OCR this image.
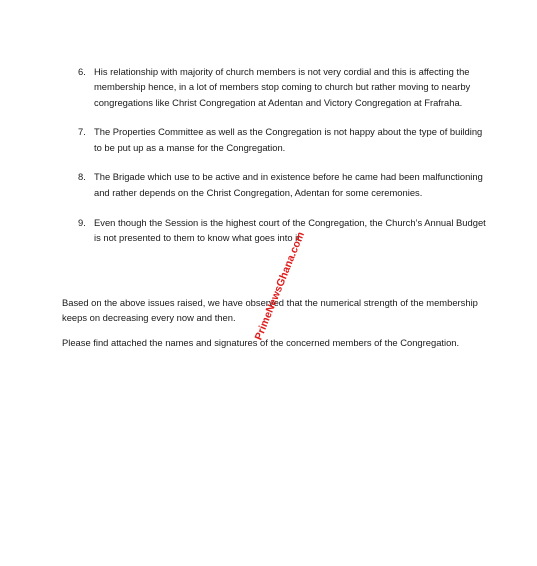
6. His relationship with majority of church members is not very cordial and this is affecting the membership hence, in a lot of members stop coming to church but rather moving to nearby congregations like Christ Congregation at Adentan and Victory Congregation at Frafraha.
7. The Properties Committee as well as the Congregation is not happy about the type of building to be put up as a manse for the Congregation.
8. The Brigade which use to be active and in existence before he came had been malfunctioning and rather depends on the Christ Congregation, Adentan for some ceremonies.
9. Even though the Session is the highest court of the Congregation, the Church’s Annual Budget is not presented to them to know what goes into it.

Based on the above issues raised, we have observed that the numerical strength of the membership keeps on decreasing every now and then.

Please find attached the names and signatures of the concerned members of the Congregation.

PrimeNewsGhana.com
